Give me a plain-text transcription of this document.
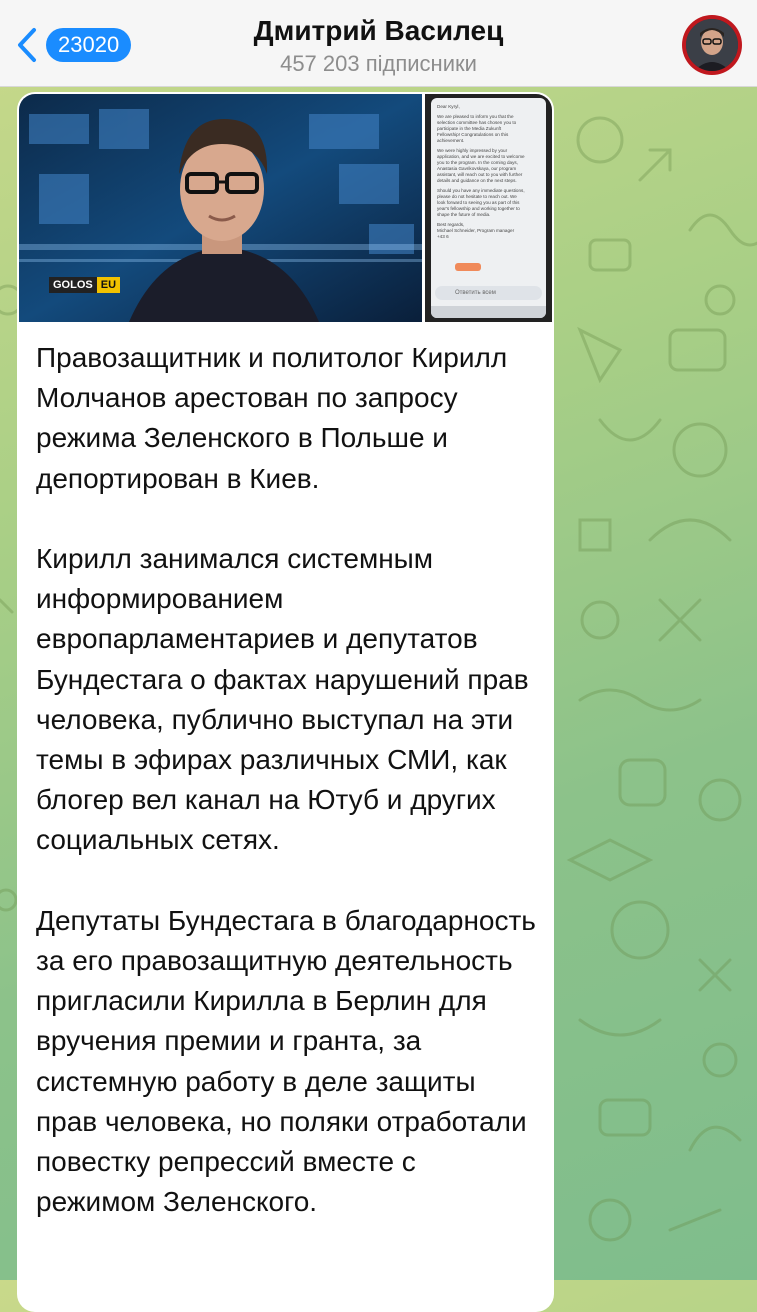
23020	Дмитрий Василец
457 203 підписники
GOLOS EU
Dear Kyryl,
We are pleased to inform you that the
selection committee has chosen you to
participate in the Media Zukunft
Fellowship! Congratulations on this
achievement.
We were highly impressed by your
application, and we are excited to welcome
you to the program. In the coming days,
Anastasia Gavrikovskaya, our program
assistant, will reach out to you with further
details and guidance on the next steps.
Should you have any immediate questions,
please do not hesitate to reach out. We
look forward to seeing you as part of this
year's fellowship and working together to
shape the future of media.
Best regards,
Michael Schneider, Program manager
+43 6
Ответить всем

Правозащитник и политолог Кирилл Молчанов арестован по запросу режима Зеленского в Польше и депортирован в Киев.

Кирилл занимался системным информированием европарламентариев и депутатов Бундестага о фактах нарушений прав человека, публично выступал на эти темы в эфирах различных СМИ, как блогер вел канал на Ютуб и других социальных сетях.

Депутаты Бундестага в благодарность за его правозащитную деятельность пригласили Кирилла в Берлин для вручения премии и гранта, за системную работу в деле защиты прав человека, но поляки отработали повестку репрессий вместе с режимом Зеленского.
